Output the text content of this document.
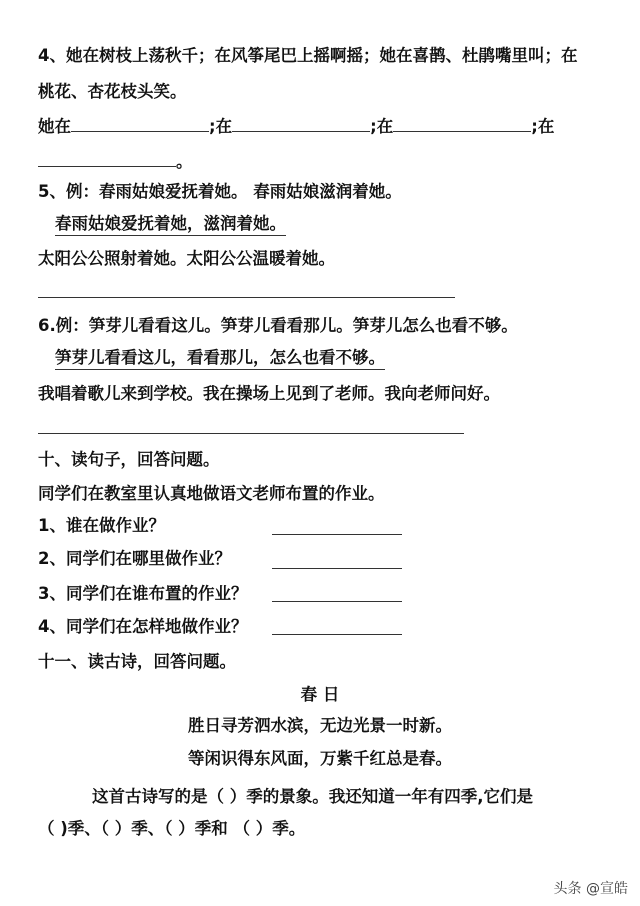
4、她在树枝上荡秋千；在风筝尾巴上摇啊摇；她在喜鹊、杜鹃嘴里叫；在
桃花、杏花枝头笑。
她在	;在	;在	;在
。
5、例：春雨姑娘爱抚着她。 春雨姑娘滋润着她。
春雨姑娘爱抚着她，滋润着她。
太阳公公照射着她。太阳公公温暖着她。
6.例：笋芽儿看看这儿。笋芽儿看看那儿。笋芽儿怎么也看不够。
笋芽儿看看这儿，看看那儿，怎么也看不够。
我唱着歌儿来到学校。我在操场上见到了老师。我向老师问好。
十、读句子，回答问题。
同学们在教室里认真地做语文老师布置的作业。
1、谁在做作业？
2、同学们在哪里做作业？
3、同学们在谁布置的作业？
4、同学们在怎样地做作业？
十一、读古诗，回答问题。
春 日
胜日寻芳泗水滨，无边光景一时新。
等闲识得东风面，万紫千红总是春。
这首古诗写的是（ ）季的景象。我还知道一年有四季,它们是
（ )季、（ ）季、（ ）季和 （ ）季。
头条 @宣皓
